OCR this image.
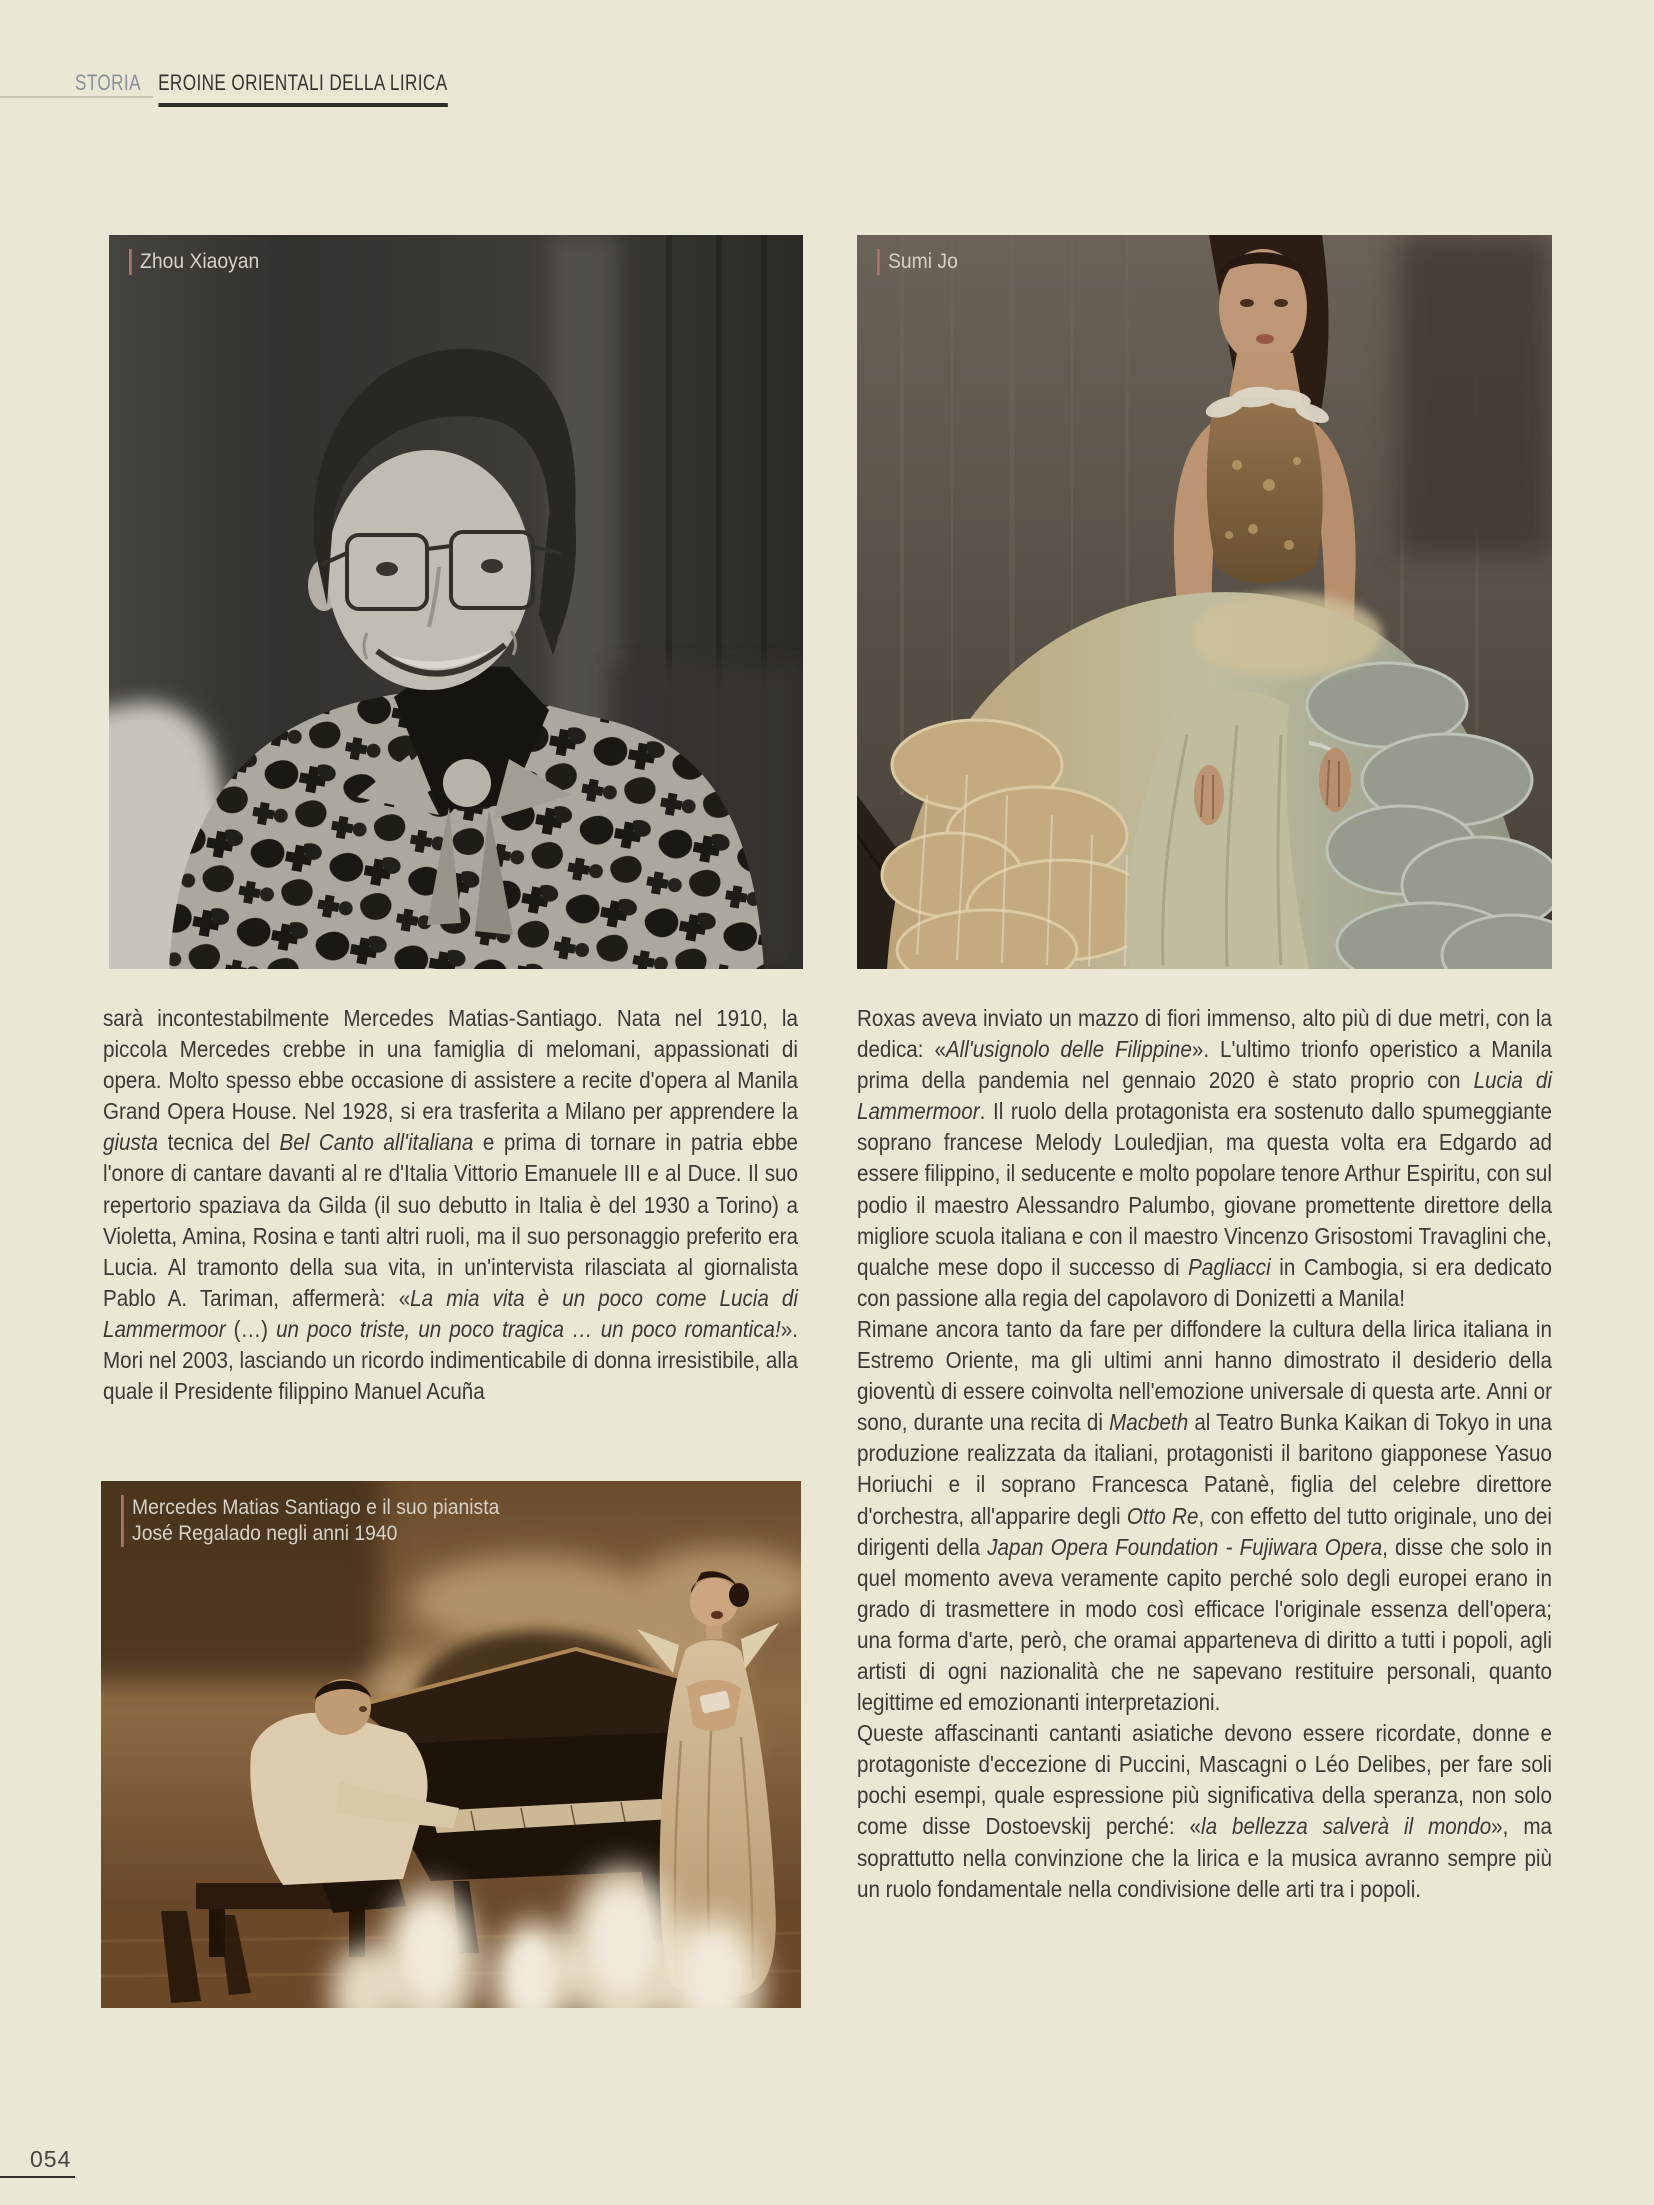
STORIA EROINE ORIENTALI DELLA LIRICA
Zhou Xiaoyan	Sumi Jo

sarà incontestabilmente Mercedes Matias-Santiago. Nata nel 1910, la piccola Mercedes crebbe in una famiglia di melomani, appassionati di opera. Molto spesso ebbe occasione di assistere a recite d'opera al Manila Grand Opera House. Nel 1928, si era trasferita a Milano per apprendere la giusta tecnica del Bel Canto all'italiana e prima di tornare in patria ebbe l'onore di cantare davanti al re d'Italia Vittorio Emanuele III e al Duce. Il suo repertorio spaziava da Gilda (il suo debutto in Italia è del 1930 a Torino) a Violetta, Amina, Rosina e tanti altri ruoli, ma il suo personaggio preferito era Lucia. Al tramonto della sua vita, in un'intervista rilasciata al giornalista Pablo A. Tariman, affermerà: «La mia vita è un poco come Lucia di Lammermoor (…) un poco triste, un poco tragica … un poco romantica!». Mori nel 2003, lasciando un ricordo indimenticabile di donna irresistibile, alla quale il Presidente filippino Manuel Acuña

Roxas aveva inviato un mazzo di fiori immenso, alto più di due metri, con la dedica: «All'usignolo delle Filippine». L'ultimo trionfo operistico a Manila prima della pandemia nel gennaio 2020 è stato proprio con Lucia di Lammermoor. Il ruolo della protagonista era sostenuto dallo spumeggiante soprano francese Melody Louledjian, ma questa volta era Edgardo ad essere filippino, il seducente e molto popolare tenore Arthur Espiritu, con sul podio il maestro Alessandro Palumbo, giovane promettente direttore della migliore scuola italiana e con il maestro Vincenzo Grisostomi Travaglini che, qualche mese dopo il successo di Pagliacci in Cambogia, si era dedicato con passione alla regia del capolavoro di Donizetti a Manila!

Rimane ancora tanto da fare per diffondere la cultura della lirica italiana in Estremo Oriente, ma gli ultimi anni hanno dimostrato il desiderio della gioventù di essere coinvolta nell'emozione universale di questa arte. Anni or sono, durante una recita di Macbeth al Teatro Bunka Kaikan di Tokyo in una produzione realizzata da italiani, protagonisti il baritono giapponese Yasuo Horiuchi e il soprano Francesca Patanè, figlia del celebre direttore d'orchestra, all'apparire degli Otto Re, con effetto del tutto originale, uno dei dirigenti della Japan Opera Foundation - Fujiwara Opera, disse che solo in quel momento aveva veramente capito perché solo degli europei erano in grado di trasmettere in modo così efficace l'originale essenza dell'opera; una forma d'arte, però, che oramai apparteneva di diritto a tutti i popoli, agli artisti di ogni nazionalità che ne sapevano restituire personali, quanto legittime ed emozionanti interpretazioni.

Queste affascinanti cantanti asiatiche devono essere ricordate, donne e protagoniste d'eccezione di Puccini, Mascagni o Léo Delibes, per fare soli pochi esempi, quale espressione più significativa della speranza, non solo come disse Dostoevskij perché: «la bellezza salverà il mondo», ma soprattutto nella convinzione che la lirica e la musica avranno sempre più un ruolo fondamentale nella condivisione delle arti tra i popoli.

Mercedes Matias Santiago e il suo pianista
José Regalado negli anni 1940
054
